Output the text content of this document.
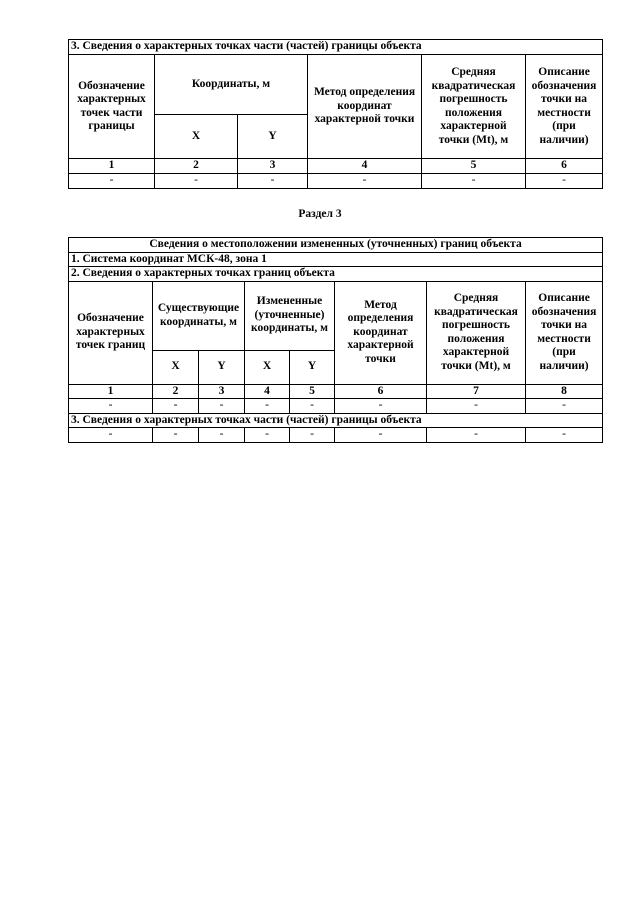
3. Сведения о характерных точках части (частей) границы объекта					
Обозначение характерных точек части границы	Координаты, м		Метод определения координат характерной точки	Средняя квадратическая погрешность положения характерной точки (Mt), м	Описание обозначения точки на местности (при наличии)
	X	Y			
1	2	3	4	5	6
-	-	-	-	-	-
Раздел 3
Сведения о местоположении измененных (уточненных) границ объекта							
1. Система координат МСК-48, зона 1							
2. Сведения о характерных точках границ объекта							
Обозначение характерных точек границ	Существующие координаты, м		Измененные (уточненные) координаты, м		Метод определения координат характерной точки	Средняя квадратическая погрешность положения характерной точки (Mt), м	Описание обозначения точки на местности (при наличии)
	X	Y	X	Y			
1	2	3	4	5	6	7	8
-	-	-	-	-	-	-	-
3. Сведения о характерных точках части (частей) границы объекта							
-	-	-	-	-	-	-	-
